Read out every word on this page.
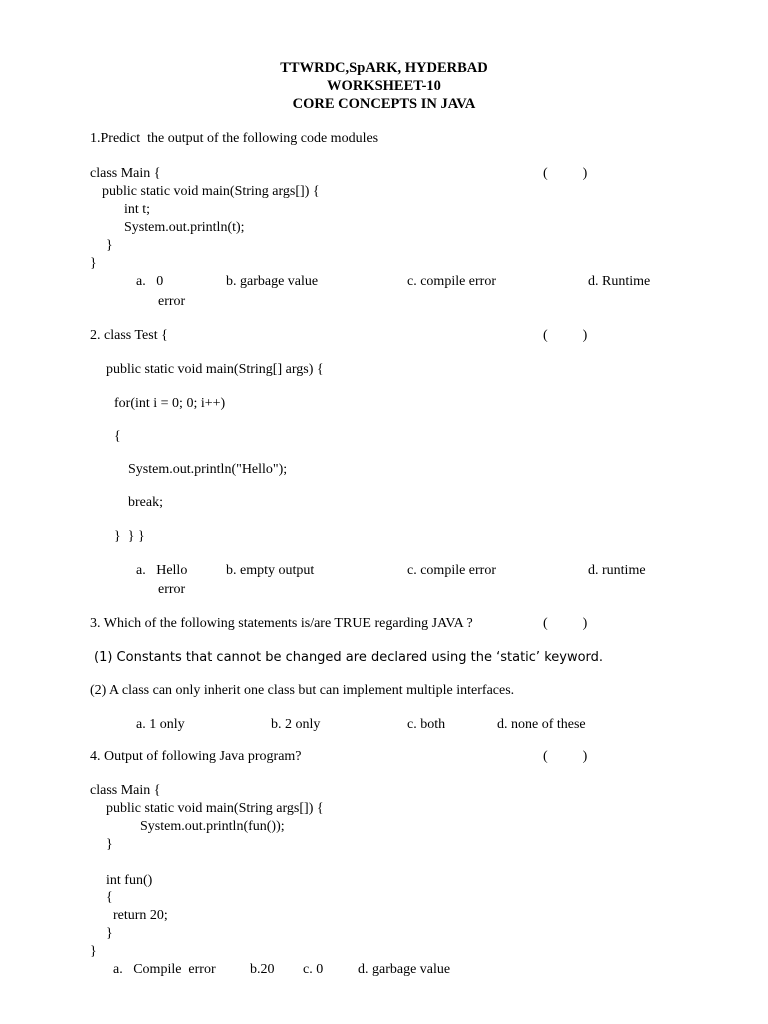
TTWRDC,SpARK, HYDERBAD
WORKSHEET-10
CORE CONCEPTS IN JAVA
1.Predict  the output of the following code modules
class Main {	(          )
public static void main(String args[]) {
int t;
System.out.println(t);
}
}
a.   0	b. garbage value	c. compile error	d. Runtime
error
2. class Test {	(          )
public static void main(String[] args) {
for(int i = 0; 0; i++)
{
System.out.println("Hello");
break;
}  } }
a.   Hello	b. empty output	c. compile error	d. runtime
error
3. Which of the following statements is/are TRUE regarding JAVA ?	(          )
(1) Constants that cannot be changed are declared using the ‘static’ keyword.
(2) A class can only inherit one class but can implement multiple interfaces.
a. 1 only	b. 2 only	c. both	d. none of these
4. Output of following Java program?	(          )
class Main {
public static void main(String args[]) {
System.out.println(fun());
}
int fun()
{
return 20;
}
}
a.   Compile  error b.20 c. 0 d. garbage value
